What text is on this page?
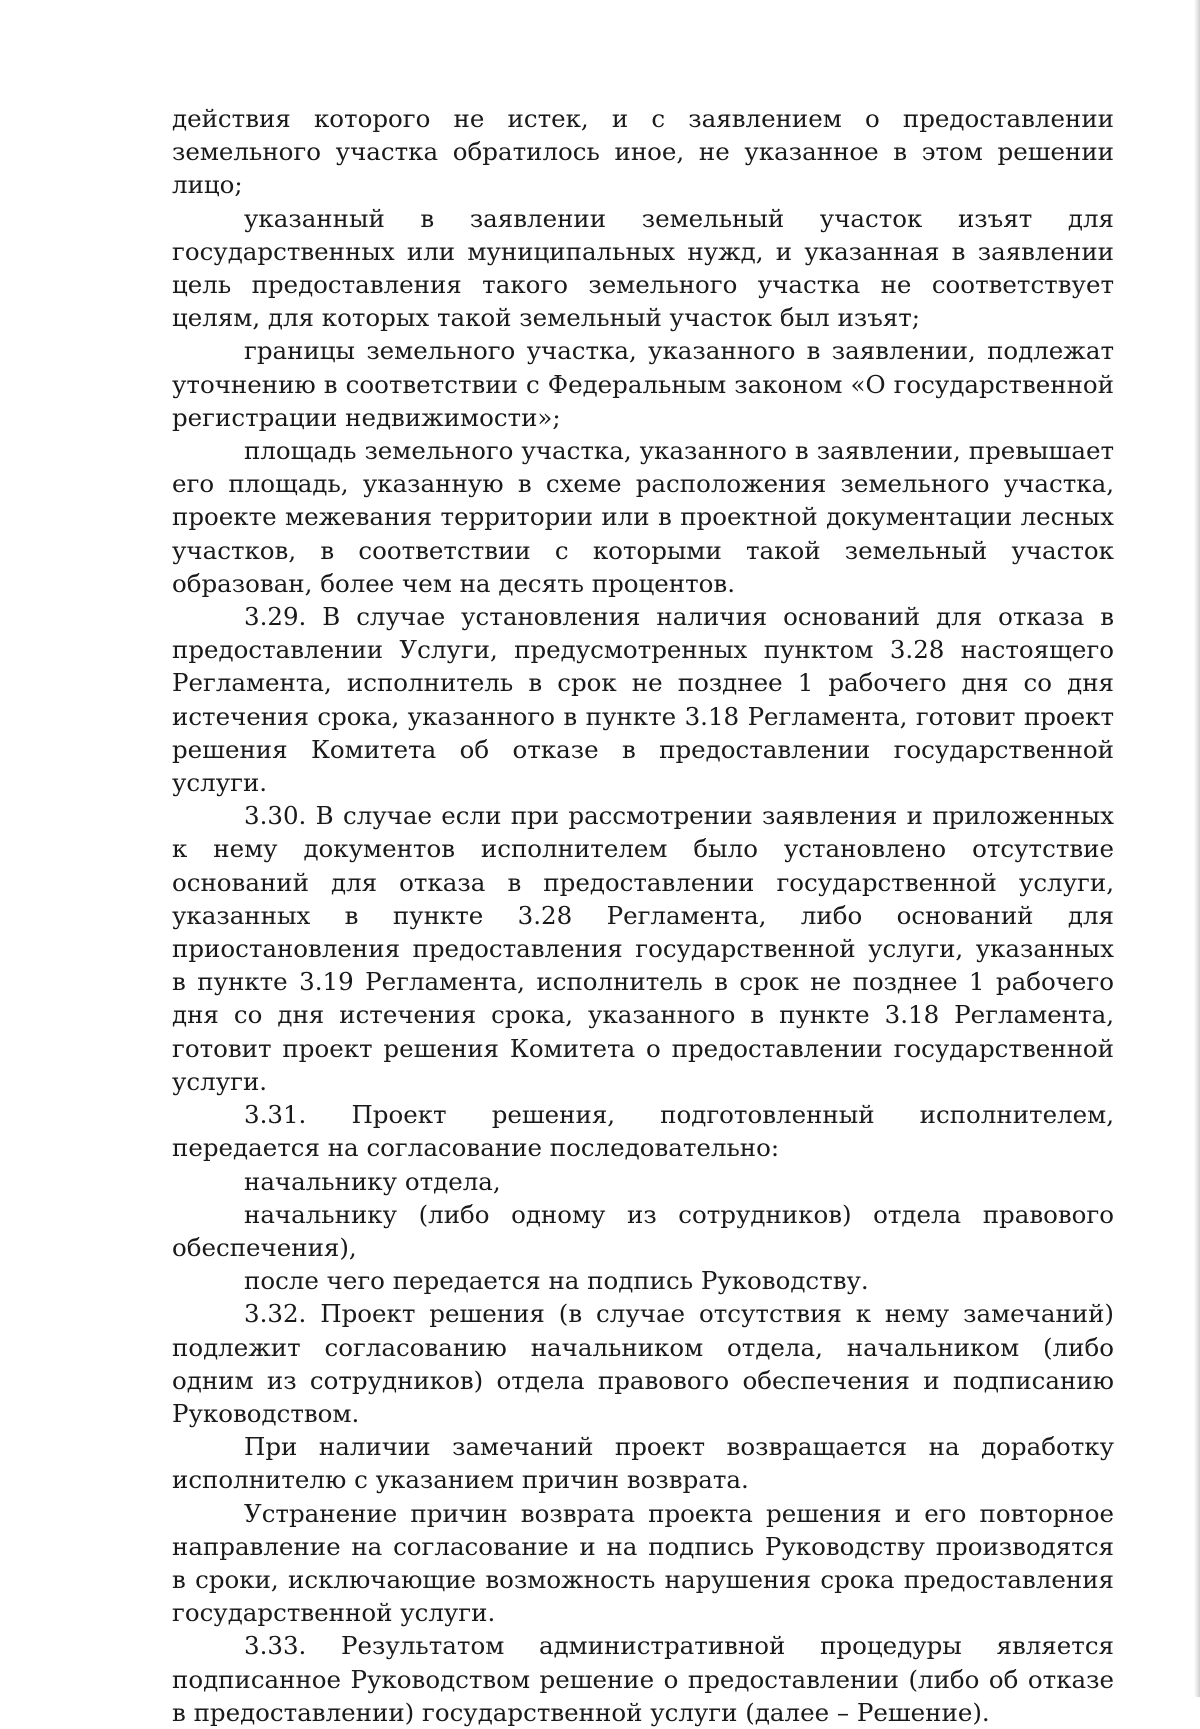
действия которого не истек, и с заявлением о предоставлении земельного участка обратилось иное, не указанное в этом решении лицо;

указанный в заявлении земельный участок изъят для государственных или муниципальных нужд, и указанная в заявлении цель предоставления такого земельного участка не соответствует целям, для которых такой земельный участок был изъят;

границы земельного участка, указанного в заявлении, подлежат уточнению в соответствии с Федеральным законом «О государственной регистрации недвижимости»;

площадь земельного участка, указанного в заявлении, превышает его площадь, указанную в схеме расположения земельного участка, проекте межевания территории или в проектной документации лесных участков, в соответствии с которыми такой земельный участок образован, более чем на десять процентов.

3.29. В случае установления наличия оснований для отказа в предоставлении Услуги, предусмотренных пунктом 3.28 настоящего Регламента, исполнитель в срок не позднее 1 рабочего дня со дня истечения срока, указанного в пункте 3.18 Регламента, готовит проект решения Комитета об отказе в предоставлении государственной услуги.

3.30. В случае если при рассмотрении заявления и приложенных к нему документов исполнителем было установлено отсутствие оснований для отказа в предоставлении государственной услуги, указанных в пункте 3.28 Регламента, либо оснований для приостановления предоставления государственной услуги, указанных в пункте 3.19 Регламента, исполнитель в срок не позднее 1 рабочего дня со дня истечения срока, указанного в пункте 3.18 Регламента, готовит проект решения Комитета о предоставлении государственной услуги.

3.31. Проект решения, подготовленный исполнителем, передается на согласование последовательно:

начальнику отдела,

начальнику (либо одному из сотрудников) отдела правового обеспечения),

после чего передается на подпись Руководству.

3.32. Проект решения (в случае отсутствия к нему замечаний) подлежит согласованию начальником отдела, начальником (либо одним из сотрудников) отдела правового обеспечения и подписанию Руководством.

При наличии замечаний проект возвращается на доработку исполнителю с указанием причин возврата.

Устранение причин возврата проекта решения и его повторное направление на согласование и на подпись Руководству производятся в сроки, исключающие возможность нарушения срока предоставления государственной услуги.

3.33. Результатом административной процедуры является подписанное Руководством решение о предоставлении (либо об отказе в предоставлении) государственной услуги (далее – Решение).
